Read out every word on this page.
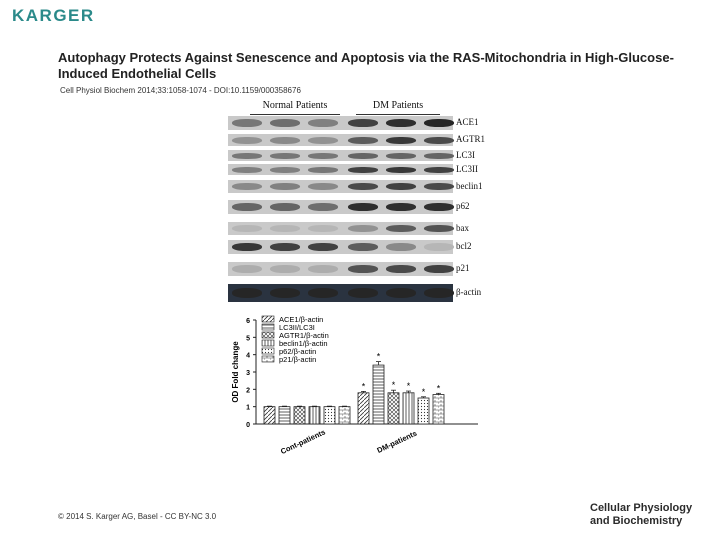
KARGER
Autophagy Protects Against Senescence and Apoptosis via the RAS-Mitochondria in High-Glucose-Induced Endothelial Cells
Cell Physiol Biochem 2014;33:1058-1074 - DOI:10.1159/000358676
Normal Patients	DM Patients
ACE1
AGTR1
LC3I
LC3II
beclin1
p62
bax
bcl2
p21
β-actin
0
1
2
3
4
5
6
OD Fold change
Cont-patients
*
*
* *
* *
DM-patients
ACE1/β-actin
LC3II/LC3I
AGTR1/β-actin
beclin1/β-actin
p62/β-actin
p21/β-actin
© 2014 S. Karger AG, Basel - CC BY-NC 3.0
Cellular Physiology
and Biochemistry
